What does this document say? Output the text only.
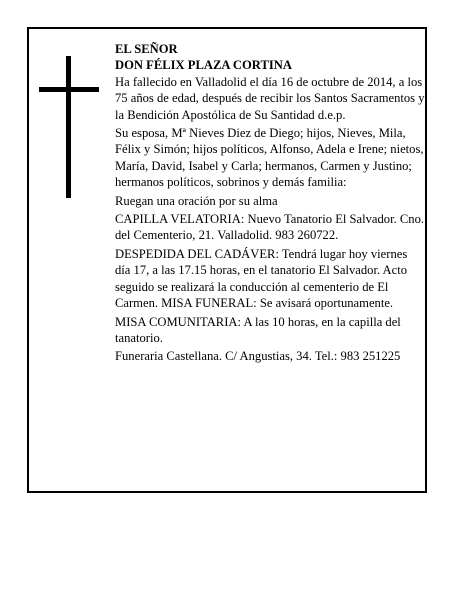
EL SEÑOR

DON FÉLIX PLAZA CORTINA

Ha fallecido en Valladolid el día 16 de octubre de 2014, a los 75 años de edad, después de recibir los Santos Sacramentos y la Bendición Apostólica de Su Santidad d.e.p.

Su esposa, Mª Nieves Diez de Diego; hijos, Nieves, Mila, Félix y Simón; hijos políticos, Alfonso, Adela e Irene; nietos, María, David, Isabel y Carla; hermanos, Carmen y Justino; hermanos políticos, sobrinos y demás familia:

Ruegan una oración por su alma

CAPILLA VELATORIA: Nuevo Tanatorio El Salvador. Cno. del Cementerio, 21. Valladolid. 983 260722.

DESPEDIDA DEL CADÁVER: Tendrá lugar hoy viernes día 17, a las 17.15 horas, en el tanatorio El Salvador. Acto seguido se realizará la conducción al cementerio de El Carmen. MISA FUNERAL: Se avisará oportunamente.

MISA COMUNITARIA: A las 10 horas, en la capilla del tanatorio.

Funeraria Castellana. C/ Angustias, 34. Tel.: 983 251225
